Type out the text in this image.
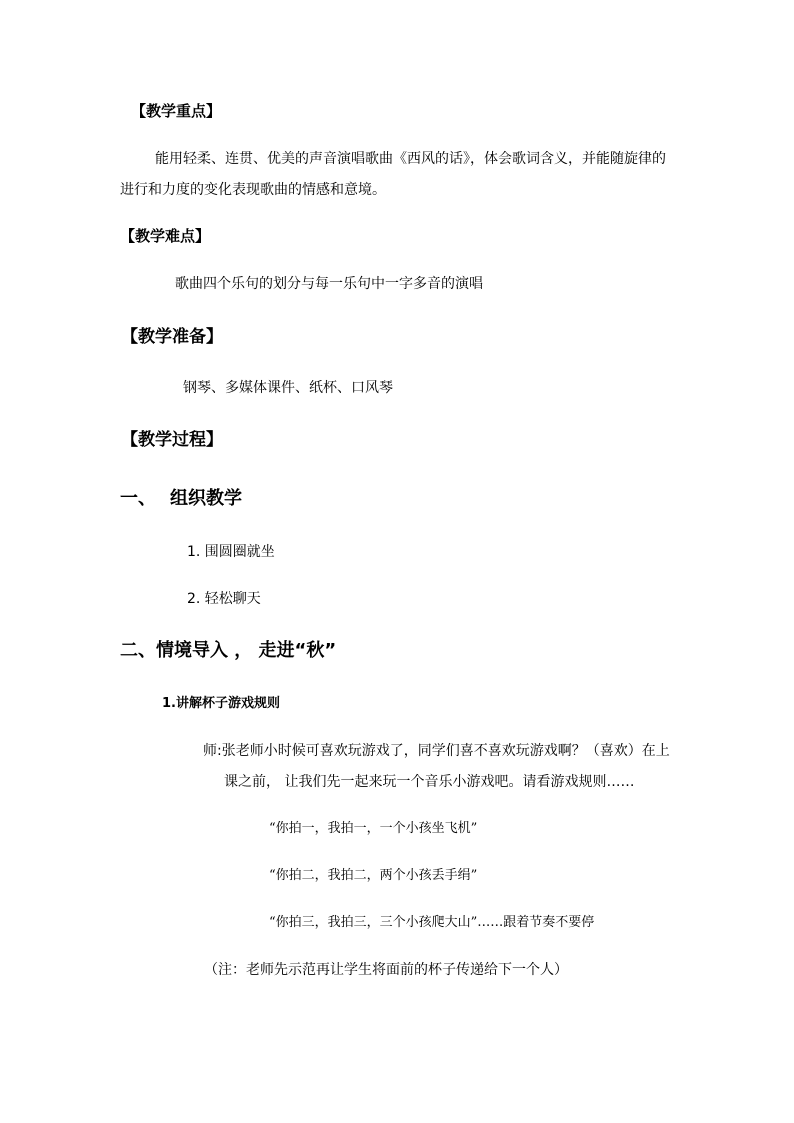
【教学重点】
能用轻柔、连贯、优美的声音演唱歌曲《西风的话》，体会歌词含义，并能随旋律的
进行和力度的变化表现歌曲的情感和意境。
【教学难点】
歌曲四个乐句的划分与每一乐句中一字多音的演唱
【教学准备】
钢琴、多媒体课件、纸杯、口风琴
【教学过程】
一、 组织教学
1. 围圆圈就坐
2. 轻松聊天
二、情境导入 ， 走进“秋”
1.讲解杯子游戏规则
师:张老师小时候可喜欢玩游戏了，同学们喜不喜欢玩游戏啊？（喜欢）在上
课之前， 让我们先一起来玩一个音乐小游戏吧。请看游戏规则……
“你拍一，我拍一，一个小孩坐飞机”
“你拍二，我拍二，两个小孩丢手绢”
“你拍三，我拍三，三个小孩爬大山”……跟着节奏不要停
（注：老师先示范再让学生将面前的杯子传递给下一个人）
